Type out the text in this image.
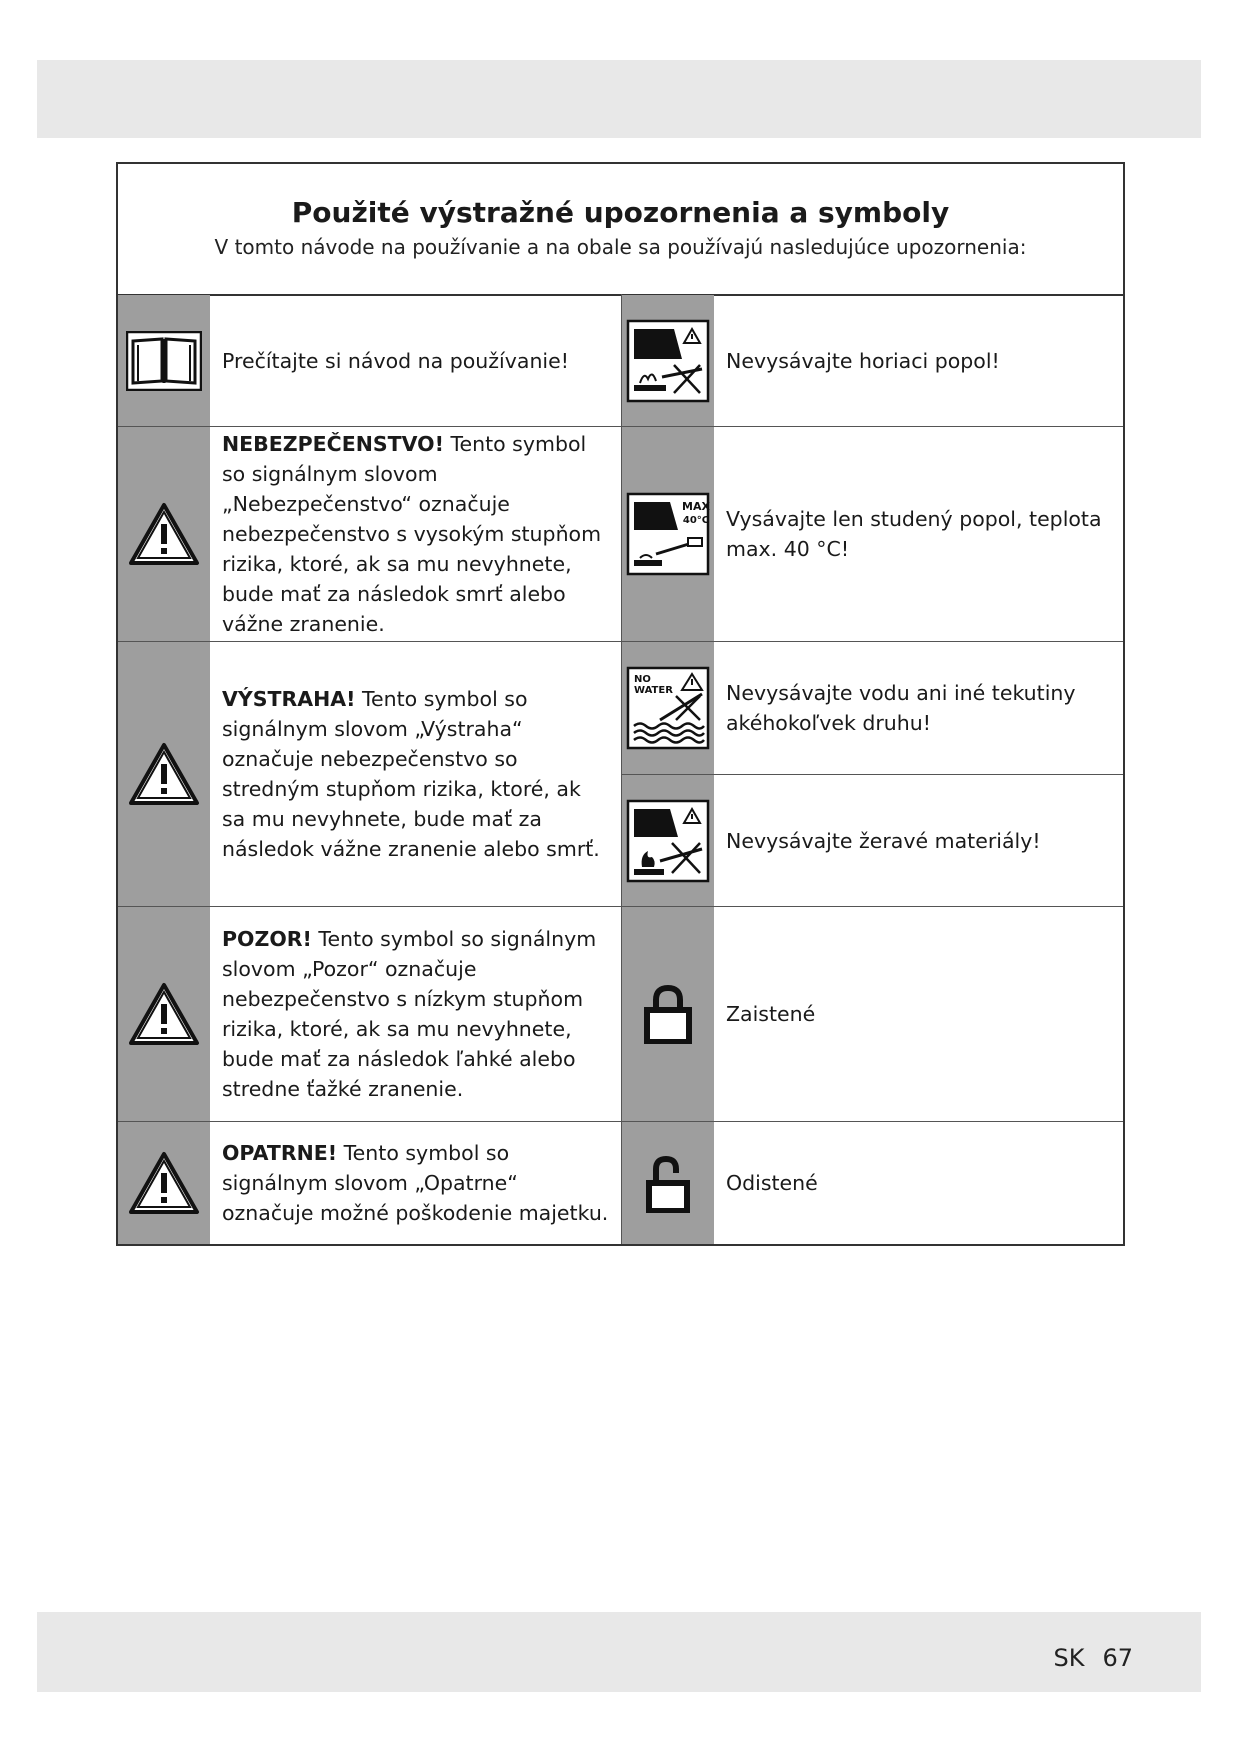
Použité výstražné upozornenia a symboly
V tomto návode na používanie a na obale sa používajú nasledujúce upozornenia:
Prečítajte si návod na používanie!	Nevysávajte horiaci popol!
NEBEZPEČENSTVO! Tento symbol so signálnym slovom „Nebezpečenstvo“ označuje nebezpečenstvo s vysokým stupňom rizika, ktoré, ak sa mu nevyhnete, bude mať za následok smrť alebo vážne zranenie.
MAX
40°C Vysávajte len studený popol, teplota max. 40 °C!
VÝSTRAHA! Tento symbol so signálnym slovom „Výstraha“ označuje nebezpečenstvo so stredným stupňom rizika, ktoré, ak sa mu nevyhnete, bude mať za následok vážne zranenie alebo smrť.
NO
WATER	Nevysávajte vodu ani iné tekutiny akéhokoľvek druhu!
Nevysávajte žeravé materiály!
POZOR! Tento symbol so signálnym slovom „Pozor“ označuje nebezpečenstvo s nízkym stupňom rizika, ktoré, ak sa mu nevyhnete, bude mať za následok ľahké alebo stredne ťažké zranenie.
Zaistené
OPATRNE! Tento symbol so signálnym slovom „Opatrne“ označuje možné poškodenie majetku.
Odistené
SK 67
